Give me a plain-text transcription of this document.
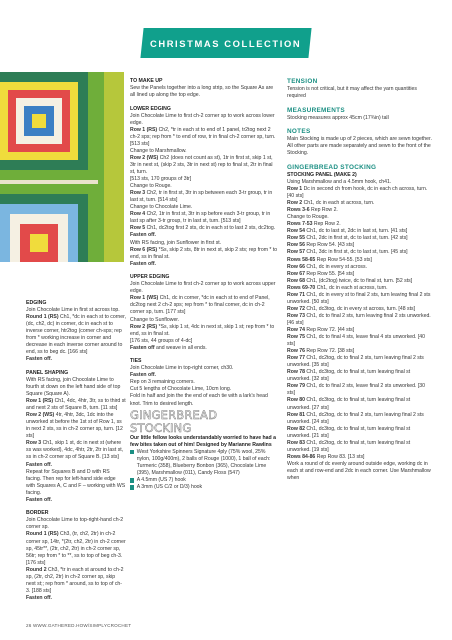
CHRISTMAS COLLECTION
EDGING
Join Chocolate Lime in first st across top.
Round 1 (RS) Ch1, *dc in each st to corner, (dc, ch2, dc) in corner, dc in each st to inverse corner, htr2tog (corner ch-sps; rep from * working increase in corner and decrease in each inverse corner around to end, ss to beg dc. [166 sts]
Fasten off.
PANEL SHAPING
With RS facing, join Chocolate Lime to fourth st down on the left hand side of top Square (Square A).
Row 1 (RS) Ch1, 4dc, 4htr, 3tr, ss to third st and next 2 sts of Square B, turn. [11 sts]
Row 2 (WS) 4tr, 4htr, 3dc, 1dc into the unworked st before the 1st st of Row 1, ss in next 2 sts, ss in ch-2 corner sp, turn. [12 sts]
Row 3 Ch1, skip 1 st, dc in next st (where ss was worked), 4dc, 4htr, 2tr, 2tr in last st, ss in ch-2 corner sp of Square B. [13 sts]
Fasten off.
Repeat for Squares B and D with RS facing. Then rep for left-hand side edge with Squares A, C and F – working with WS facing.
Fasten off.
BORDER
Join Chocolate Lime to top-right-hand ch-2 corner sp.
Round 1 (RS) Ch3, (tr, ch2, 2tr) in ch-2 corner sp, 14tr, *(2tr, ch2, 2tr) in ch-2 corner sp, 45tr**, (2tr, ch2, 2tr) in ch-2 corner sp, 56tr; rep from * to **, ss to top of beg ch-3. [176 sts]
Round 2 Ch3, *tr in each st around to ch-2 sp, (2tr, ch2, 2tr) in ch-2 corner sp, skip next st;; rep from * around, ss to top of ch-3. [188 sts]
Fasten off.
TO MAKE UP
Sew the Panels together into a long strip, so the Square As are all lined up along the top edge.
LOWER EDGING
Join Chocolate Lime to first ch-2 corner sp to work across lower edge.
Row 1 (RS) Ch2, *tr in each st to end of 1 panel, tr2tog next 2 ch-2 sps; rep from * to end of row, tr in final ch-2 corner sp, turn. [513 sts]
Change to Marshmallow.
Row 2 (WS) Ch2 (does not count as st), 1tr in first st, skip 1 st, 3tr in next st, (skip 2 sts, 3tr in next st) rep to final st, 2tr in final st, turn.
[513 sts, 170 groups of 3tr]
Change to Rouge.
Row 3 Ch2, tr in first st, 3tr in sp between each 3-tr group, tr in last st, turn. [514 sts]
Change to Chocolate Lime.
Row 4 Ch2, 1tr in first st, 3tr in sp before each 3-tr group, tr in last sp after 3-tr group, tr in last st, turn. [513 sts]
Row 5 Ch1, dc2tog first 2 sts, dc in each st to last 2 sts, dc2tog.
Fasten off.
With RS facing, join Sunflower in first st.
Row 6 (RS) *Ss, skip 2 sts, 8tr in next st, skip 2 sts; rep from * to end, ss in final st.
Fasten off.
UPPER EDGING
Join Chocolate Lime to first ch-2 corner sp to work across upper edge.
Row 1 (WS) Ch1, dc in corner, *dc in each st to end of Panel, dc2tog next 2 ch-2 sps; rep from * to final corner, dc in ch-2 corner sp, turn. [177 sts]
Change to Sunflower.
Row 2 (RS) *Ss, skip 1 st, 4dc in next st, skip 1 st; rep from * to end, ss in final st.
[176 sts, 44 groups of 4-dc]
Fasten off and weave in all ends.
TIES
Join Chocolate Lime in top-right corner, ch30.
Fasten off.
Rep on 3 remaining corners.
Cut 5 lengths of Chocolate Lime, 10cm long.
Fold in half and join the the end of each tie with a lark's head knot. Trim to desired length.
GINGERBREAD STOCKING
Our little fellow looks understandably worried to have had a few bites taken out of him! Designed by Marianne Rawlins
West Yorkshire Spinners Signature 4ply (75% wool, 25% nylon, 100g/400m), 2 balls of Rouge (1000), 1 ball of each: Turmeric (358), Blueberry Bonbon (365), Chocolate Lime (395), Marshmallow (011), Candy Floss (547)
A 4.5mm (US 7) hook
A 3mm (US C/2 or D/3) hook
TENSION
Tension is not critical, but it may affect the yarn quantities required
MEASUREMENTS
Stocking measures approx 45cm (17¾in) tall
NOTES
Main Stocking is made up of 2 pieces, which are sewn together.
All other parts are made separately and sewn to the front of the Stocking.
GINGERBREAD STOCKING
STOCKING PANEL (MAKE 2)
Using Marshmallow and a 4.5mm hook, ch41.
Row 1 Dc in second ch from hook, dc in each ch across, turn. [40 sts]
Row 2 Ch1, dc in each st across, turn.
Rows 3-6 Rep Row 2.
Change to Rouge.
Rows 7-53 Rep Row 2.
Row 54 Ch1, dc to last st, 2dc in last st, turn. [41 sts]
Row 55 Ch1, 2dc in first st, dc to last st, turn. [42 sts]
Row 56 Rep Row 54. [43 sts]
Row 57 Ch1, 3dc in first st, dc to last st, turn. [45 sts]
Rows 58-65 Rep Row 54-55. [53 sts]
Row 66 Ch1, dc in every st across.
Row 67 Rep Row 55. [54 sts]
Row 68 Ch1, (dc2tog) twice, dc to final st, turn. [52 sts]
Rows 69-70 Ch1, dc in each st across, turn.
Row 71 Ch1, dc in every st to final 2 sts, turn leaving final 2 sts unworked. [50 sts]
Row 72 Ch1, dc3tog, dc in every st across, turn. [48 sts]
Row 73 Ch1, dc to final 2 sts, turn leaving final 2 sts unworked. [46 sts]
Row 74 Rep Row 72. [44 sts]
Row 75 Ch1, dc to final 4 sts, leave final 4 sts unworked. [40 sts]
Row 76 Rep Row 72. [38 sts]
Row 77 Ch1, dc2tog, dc to final 2 sts, turn leaving final 2 sts unworked. [35 sts]
Row 78 Ch1, dc3tog, dc to final st, turn leaving final st unworked. [32 sts]
Row 79 Ch1, dc to final 2 sts, leave final 2 sts unworked. [30 sts]
Row 80 Ch1, dc3tog, dc to final st, turn leaving final st unworked. [27 sts]
Row 81 Ch1, dc2tog, dc to final 2 sts, turn leaving final 2 sts unworked. [24 sts]
Row 82 Ch1, dc3tog, dc to final st, turn leaving final st unworked. [21 sts]
Row 83 Ch1, dc2tog, dc to final st, turn leaving final st unworked. [19 sts]
Rows 84-86 Rep Row 83. [13 sts]
Work a round of dc evenly around outside edge, working dc in each st and row-end and 2dc in each corner. Use Marshmallow when
26 WWW.GATHERED.HOW/SIMPLYCROCHET
